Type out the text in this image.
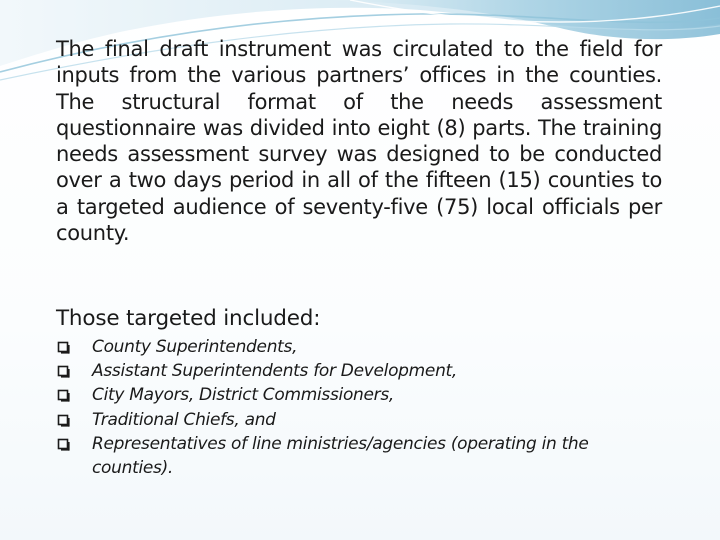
The final draft instrument was circulated to the field for inputs from the various partners’ offices in the counties. The structural format of the needs assessment questionnaire was divided into eight (8) parts. The training needs assessment survey was designed to be conducted over a two days period in all of the fifteen (15) counties to a targeted audience of seventy-five (75) local officials per county.

Those targeted included:

County Superintendents,
Assistant Superintendents for Development,
City Mayors, District Commissioners,
Traditional Chiefs, and
Representatives of line ministries/agencies (operating in the counties).
